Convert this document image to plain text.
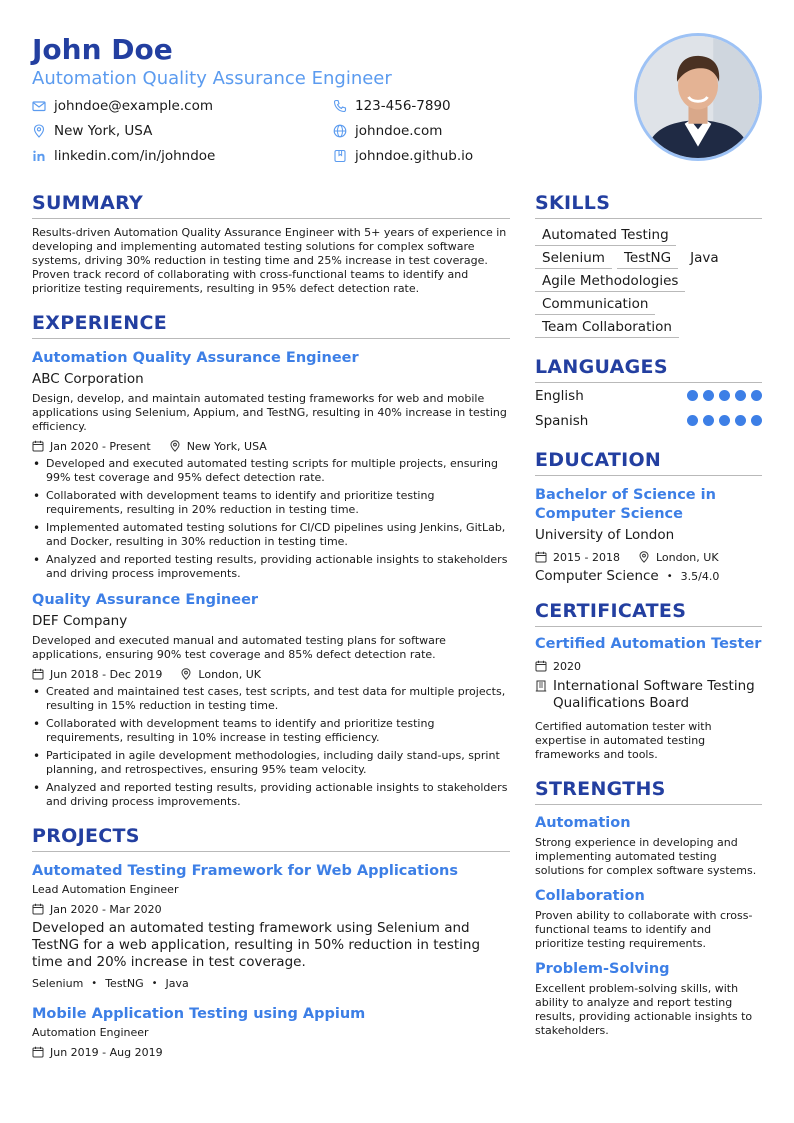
John Doe
Automation Quality Assurance Engineer
johndoe@example.com	123-456-7890
New York, USA	johndoe.com
linkedin.com/in/johndoe	johndoe.github.io
SUMMARY
Results-driven Automation Quality Assurance Engineer with 5+ years of experience in developing and implementing automated testing solutions for complex software systems, driving 30% reduction in testing time and 25% increase in test coverage. Proven track record of collaborating with cross-functional teams to identify and prioritize testing requirements, resulting in 95% defect detection rate.
EXPERIENCE
Automation Quality Assurance Engineer
ABC Corporation
Design, develop, and maintain automated testing frameworks for web and mobile applications using Selenium, Appium, and TestNG, resulting in 40% increase in testing efficiency.
Jan 2020 - Present	New York, USA
• Developed and executed automated testing scripts for multiple projects, ensuring 99% test coverage and 95% defect detection rate.
• Collaborated with development teams to identify and prioritize testing requirements, resulting in 20% reduction in testing time.
• Implemented automated testing solutions for CI/CD pipelines using Jenkins, GitLab, and Docker, resulting in 30% reduction in testing time.
• Analyzed and reported testing results, providing actionable insights to stakeholders and driving process improvements.
Quality Assurance Engineer
DEF Company
Developed and executed manual and automated testing plans for software applications, ensuring 90% test coverage and 85% defect detection rate.
Jun 2018 - Dec 2019	London, UK
• Created and maintained test cases, test scripts, and test data for multiple projects, resulting in 15% reduction in testing time.
• Collaborated with development teams to identify and prioritize testing requirements, resulting in 10% increase in testing efficiency.
• Participated in agile development methodologies, including daily stand-ups, sprint planning, and retrospectives, ensuring 95% team velocity.
• Analyzed and reported testing results, providing actionable insights to stakeholders and driving process improvements.
PROJECTS
Automated Testing Framework for Web Applications
Lead Automation Engineer
Jan 2020 - Mar 2020
Developed an automated testing framework using Selenium and TestNG for a web application, resulting in 50% reduction in testing time and 20% increase in test coverage.
Selenium • TestNG • Java
Mobile Application Testing using Appium
Automation Engineer
Jun 2019 - Aug 2019
SKILLS
Automated Testing
Selenium	TestNG	Java
Agile Methodologies
Communication
Team Collaboration
LANGUAGES
English
Spanish
EDUCATION
Bachelor of Science in Computer Science
University of London
2015 - 2018	London, UK
Computer Science • 3.5/4.0
CERTIFICATES
Certified Automation Tester
2020
International Software Testing Qualifications Board
Certified automation tester with expertise in automated testing frameworks and tools.
STRENGTHS
Automation
Strong experience in developing and implementing automated testing solutions for complex software systems.
Collaboration
Proven ability to collaborate with cross-functional teams to identify and prioritize testing requirements.
Problem-Solving
Excellent problem-solving skills, with ability to analyze and report testing results, providing actionable insights to stakeholders.
